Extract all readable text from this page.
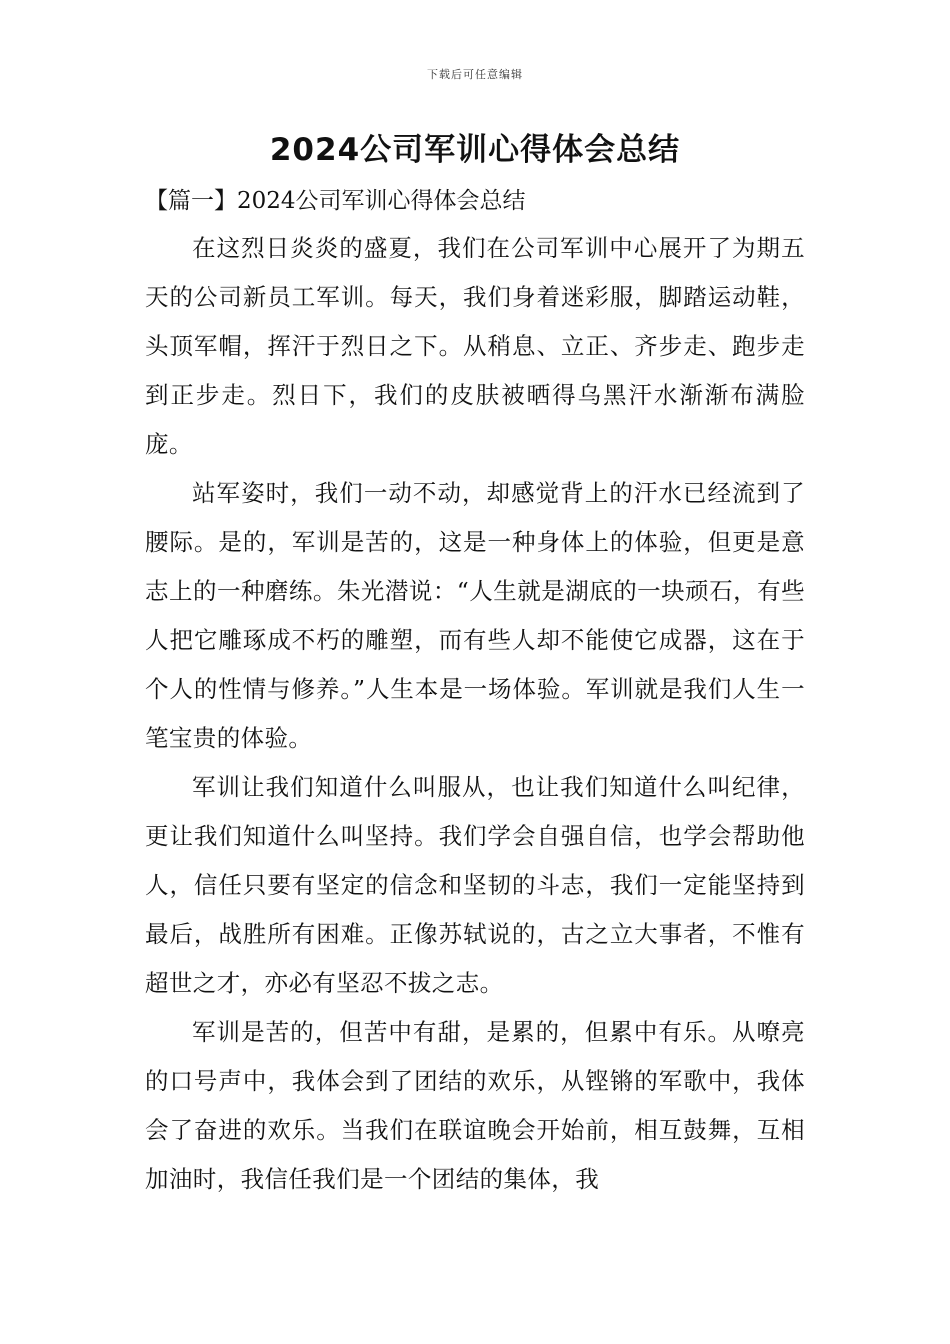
下载后可任意编辑
2024公司军训心得体会总结
【篇一】2024公司军训心得体会总结

在这烈日炎炎的盛夏，我们在公司军训中心展开了为期五天的公司新员工军训。每天，我们身着迷彩服，脚踏运动鞋，头顶军帽，挥汗于烈日之下。从稍息、立正、齐步走、跑步走到正步走。烈日下，我们的皮肤被晒得乌黑汗水渐渐布满脸庞。

站军姿时，我们一动不动，却感觉背上的汗水已经流到了腰际。是的，军训是苦的，这是一种身体上的体验，但更是意志上的一种磨练。朱光潜说：“人生就是湖底的一块顽石，有些人把它雕琢成不朽的雕塑，而有些人却不能使它成器，这在于个人的性情与修养。”人生本是一场体验。军训就是我们人生一笔宝贵的体验。

军训让我们知道什么叫服从，也让我们知道什么叫纪律，更让我们知道什么叫坚持。我们学会自强自信，也学会帮助他人，信任只要有坚定的信念和坚韧的斗志，我们一定能坚持到最后，战胜所有困难。正像苏轼说的，古之立大事者，不惟有超世之才，亦必有坚忍不拔之志。

军训是苦的，但苦中有甜，是累的，但累中有乐。从嘹亮的口号声中，我体会到了团结的欢乐，从铿锵的军歌中，我体会了奋进的欢乐。当我们在联谊晚会开始前，相互鼓舞，互相加油时，我信任我们是一个团结的集体，我
